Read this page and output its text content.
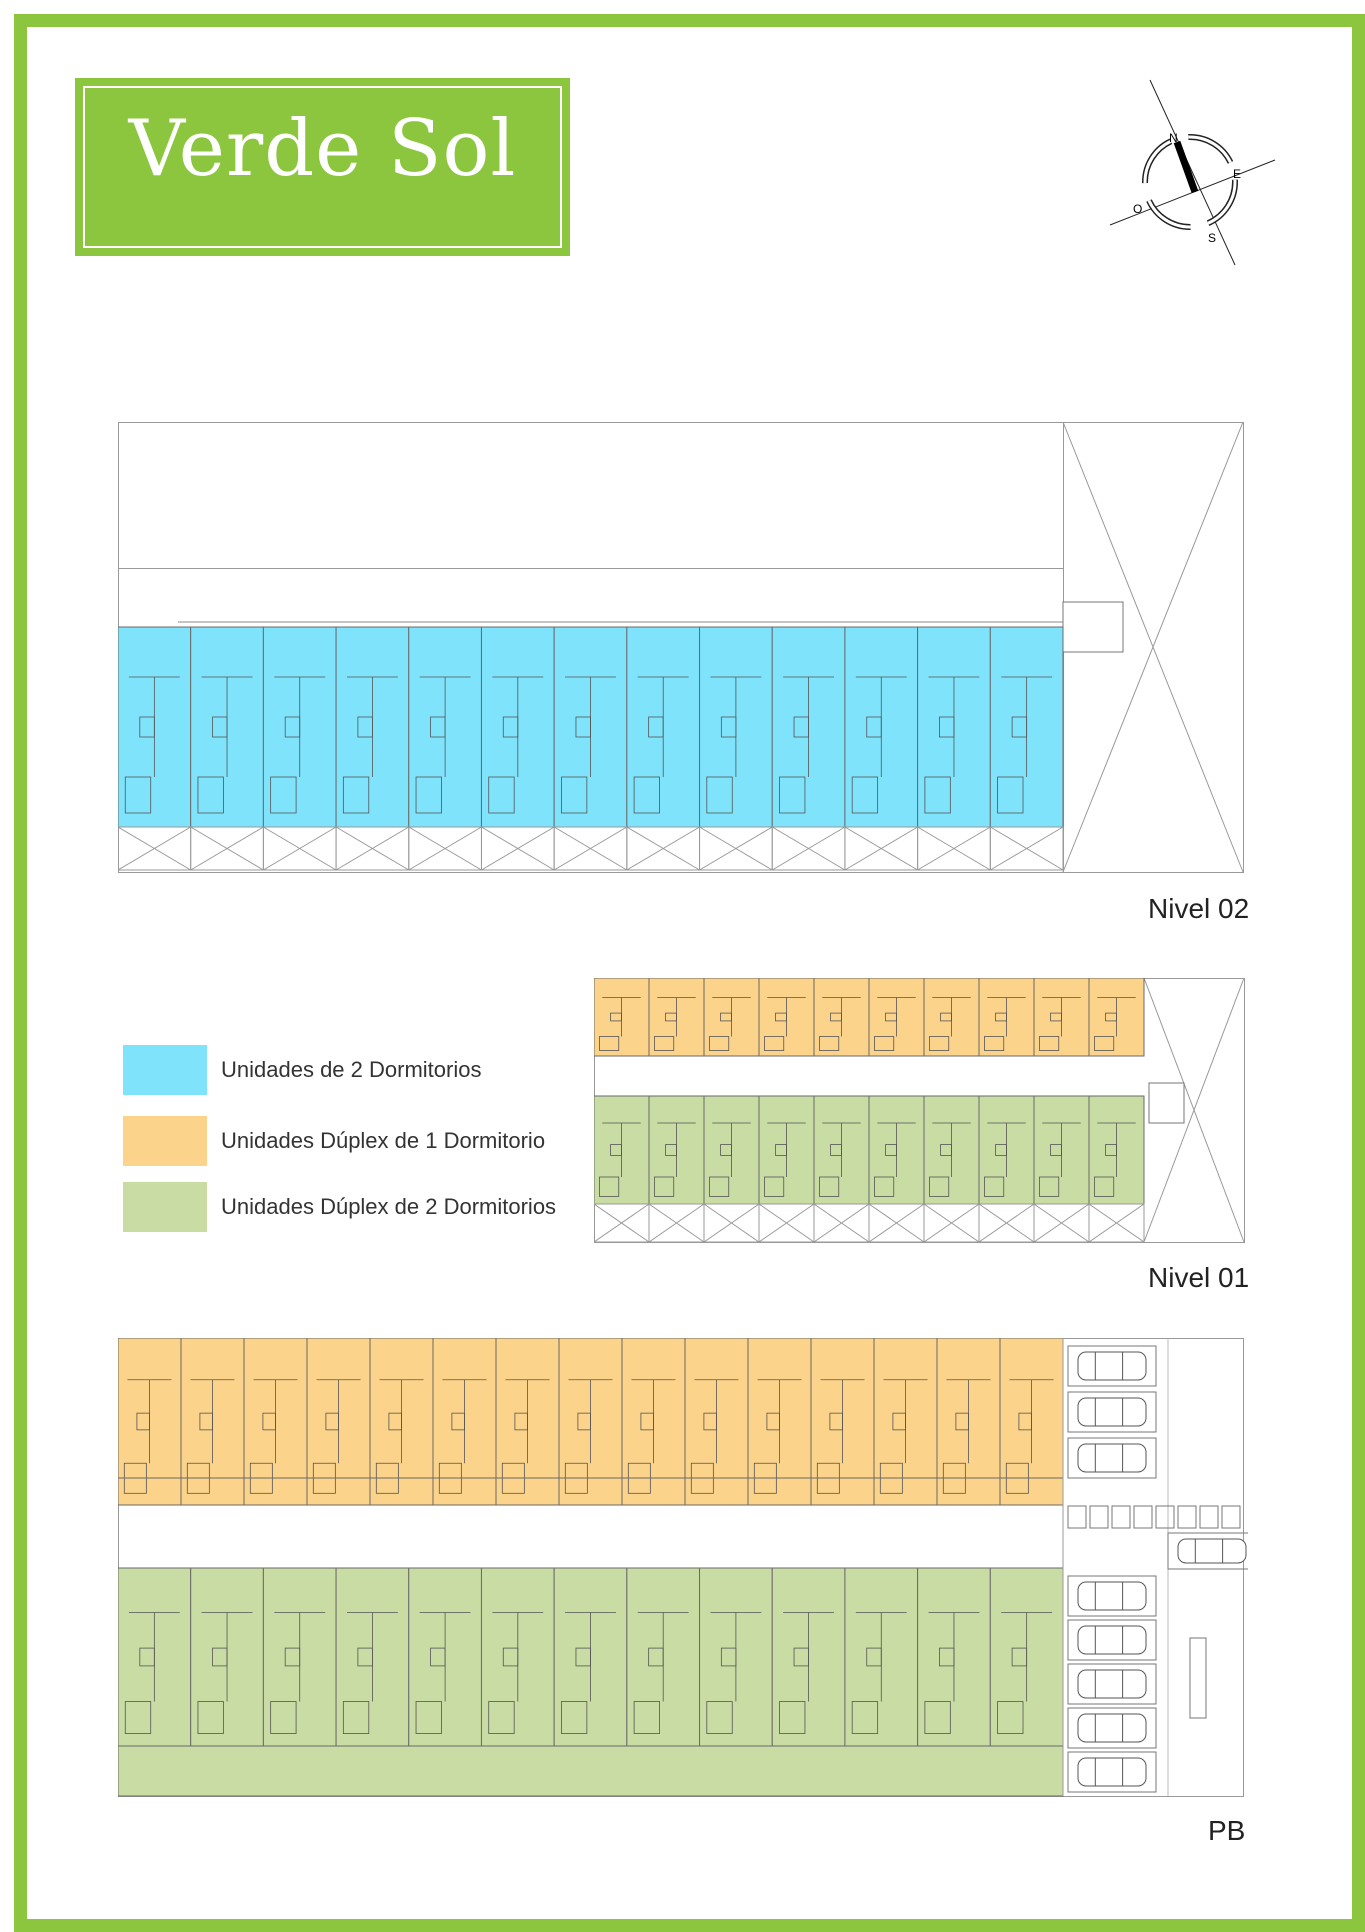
Verde Sol	N
E
S
O
Nivel 02
Nivel 01
Unidades de 2 Dormitorios
Unidades Dúplex de 1 Dormitorio
Unidades Dúplex de 2 Dormitorios
PB
